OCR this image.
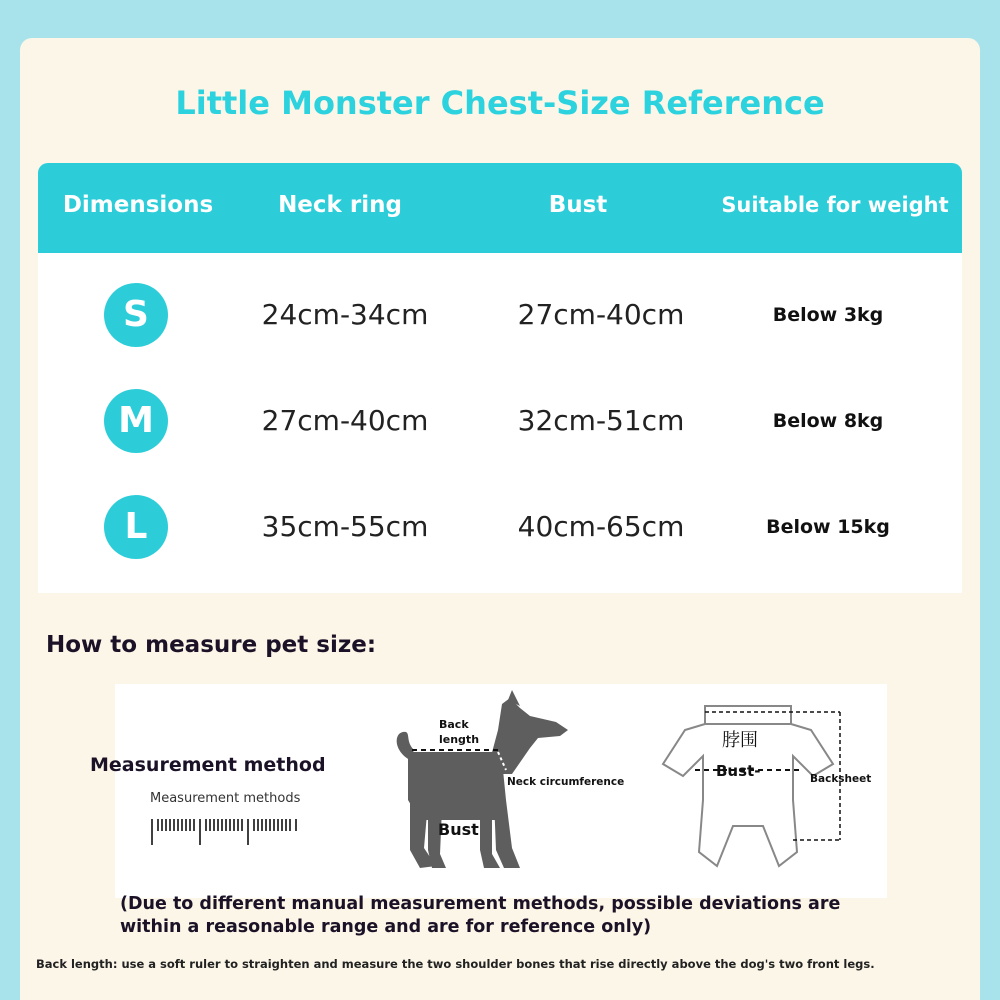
Little Monster Chest-Size Reference
Dimensions	Neck ring	Bust	Suitable for weight
S	24cm-34cm	27cm-40cm	Below 3kg
M	27cm-40cm	32cm-51cm	Below 8kg
L	35cm-55cm	40cm-65cm	Below 15kg
How to measure pet size:
Measurement method
Measurement methods
Back
length
Neck circumference
Bust
脖围
Bust-	Backsheet
(Due to different manual measurement methods, possible deviations are within a reasonable range and are for reference only)
Back length: use a soft ruler to straighten and measure the two shoulder bones that rise directly above the dog's two front legs.
